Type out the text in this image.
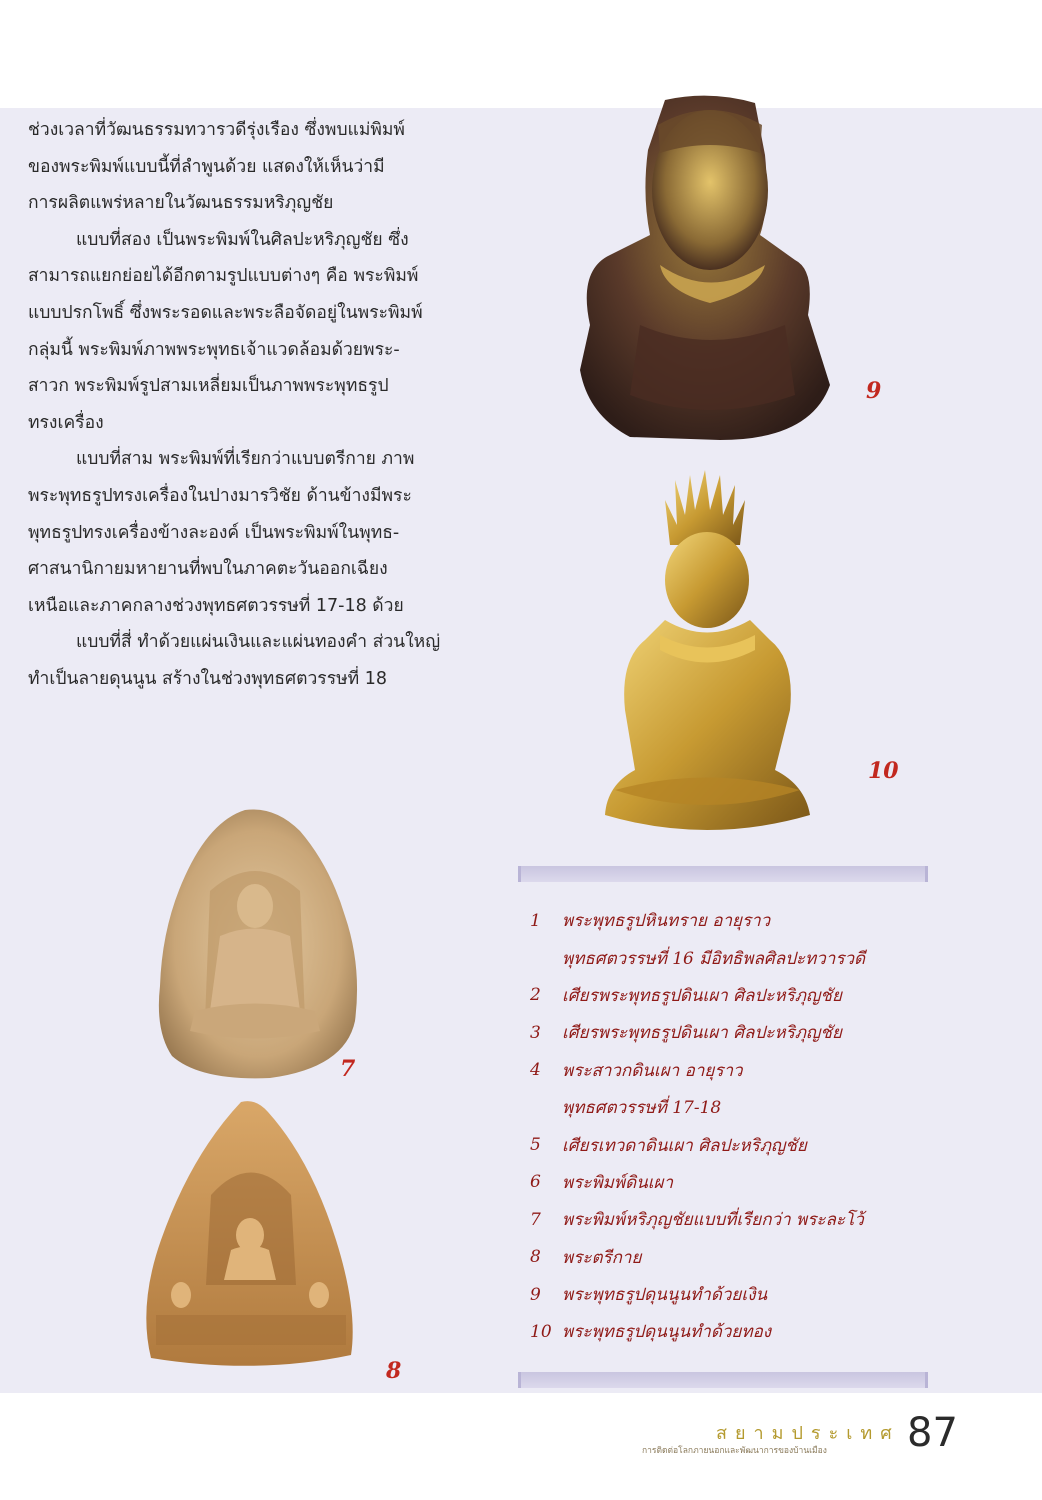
ช่วงเวลาที่วัฒนธรรมทวารวดีรุ่งเรือง ซึ่งพบแม่พิมพ์
ของพระพิมพ์แบบนี้ที่ลำพูนด้วย แสดงให้เห็นว่ามี
การผลิตแพร่หลายในวัฒนธรรมหริภุญชัย
แบบที่สอง เป็นพระพิมพ์ในศิลปะหริภุญชัย ซึ่ง
สามารถแยกย่อยได้อีกตามรูปแบบต่างๆ คือ พระพิมพ์
แบบปรกโพธิ์ ซึ่งพระรอดและพระลือจัดอยู่ในพระพิมพ์
กลุ่มนี้ พระพิมพ์ภาพพระพุทธเจ้าแวดล้อมด้วยพระ-
สาวก พระพิมพ์รูปสามเหลี่ยมเป็นภาพพระพุทธรูป
ทรงเครื่อง
แบบที่สาม พระพิมพ์ที่เรียกว่าแบบตรีกาย ภาพ
พระพุทธรูปทรงเครื่องในปางมารวิชัย ด้านข้างมีพระ
พุทธรูปทรงเครื่องข้างละองค์ เป็นพระพิมพ์ในพุทธ-
ศาสนานิกายมหายานที่พบในภาคตะวันออกเฉียง
เหนือและภาคกลางช่วงพุทธศตวรรษที่ 17-18 ด้วย
แบบที่สี่ ทำด้วยแผ่นเงินและแผ่นทองคำ ส่วนใหญ่
ทำเป็นลายดุนนูน สร้างในช่วงพุทธศตวรรษที่ 18
9
10
7
8
1	พระพุทธรูปหินทราย อายุราว
พุทธศตวรรษที่ 16 มีอิทธิพลศิลปะทวารวดี
2	เศียรพระพุทธรูปดินเผา ศิลปะหริภุญชัย
3	เศียรพระพุทธรูปดินเผา ศิลปะหริภุญชัย
4	พระสาวกดินเผา อายุราว
พุทธศตวรรษที่ 17-18
5	เศียรเทวดาดินเผา ศิลปะหริภุญชัย
6	พระพิมพ์ดินเผา
7	พระพิมพ์หริภุญชัยแบบที่เรียกว่า พระละโว้
8	พระตรีกาย
9	พระพุทธรูปดุนนูนทำด้วยเงิน
10 พระพุทธรูปดุนนูนทำด้วยทอง
สยามประเทศ
การติดต่อโลกภายนอกและพัฒนาการของบ้านเมือง 87
